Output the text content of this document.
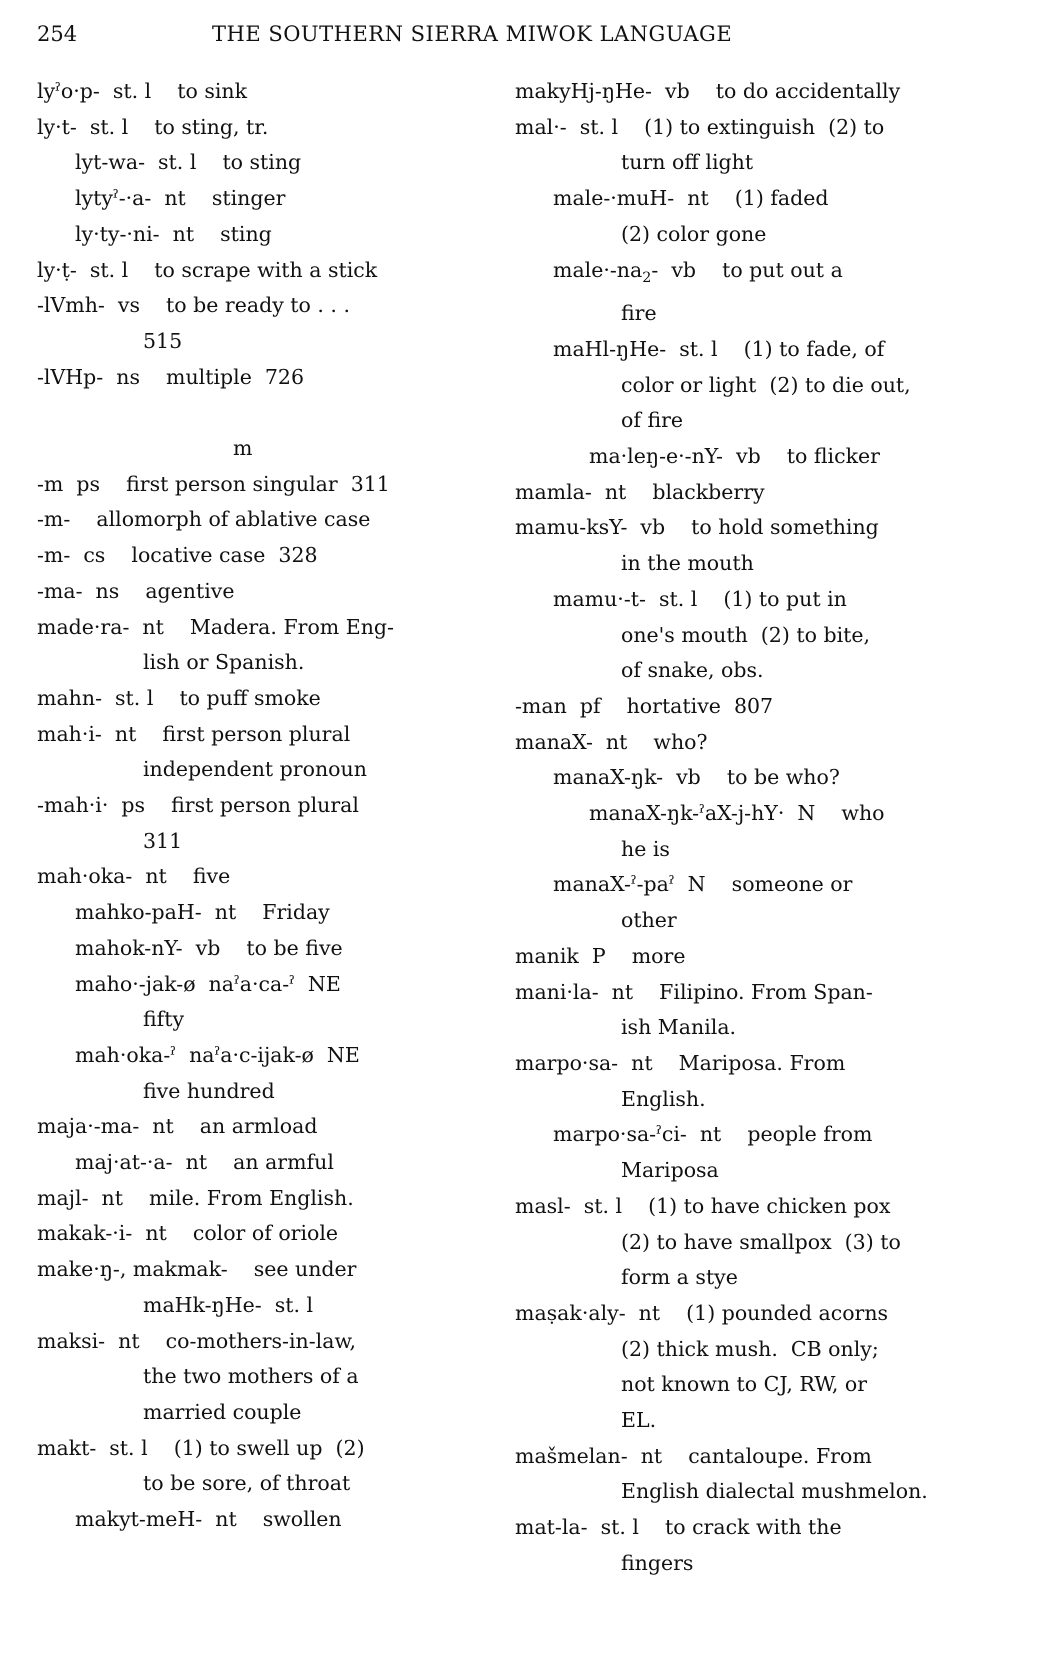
254	THE SOUTHERN SIERRA MIWOK LANGUAGE
lyˀo·p-  st. l    to sink
ly·t-  st. l    to sting, tr.
lyt-wa-  st. l    to sting
lytyˀ-·a-  nt    stinger
ly·ty-·ni-  nt    sting
ly·ṭ-  st. l    to scrape with a stick
-lVmh-  vs    to be ready to . . .
515
-lVHp-  ns    multiple  726
m
-m  ps    first person singular  311
-m-    allomorph of ablative case
-m-  cs    locative case  328
-ma-  ns    agentive
made·ra-  nt    Madera. From Eng-
lish or Spanish.
mahn-  st. l    to puff smoke
mah·i-  nt    first person plural
independent pronoun
-mah·i·  ps    first person plural
311
mah·oka-  nt    five
mahko-paH-  nt    Friday
mahok-nY-  vb    to be five
maho·-jak-ø  naˀa·ca-ˀ  NE
fifty
mah·oka-ˀ  naˀa·c-ijak-ø  NE
five hundred
maja·-ma-  nt    an armload
maj·at-·a-  nt    an armful
majl-  nt    mile. From English.
makak-·i-  nt    color of oriole
make·ŋ-, makmak-    see under
maHk-ŋHe-  st. l
maksi-  nt    co-mothers-in-law,
the two mothers of a
married couple
makt-  st. l    (1) to swell up  (2)
to be sore, of throat
makyt-meH-  nt    swollen
makyHj-ŋHe-  vb    to do accidentally
mal·-  st. l    (1) to extinguish  (2) to
turn off light
male-·muH-  nt    (1) faded
(2) color gone
$male\cdot-na_2-$  vb    to put out a
fire
maHl-ŋHe-  st. l    (1) to fade, of
color or light  (2) to die out,
of fire
ma·leŋ-e·-nY-  vb    to flicker
mamla-  nt    blackberry
mamu-ksY-  vb    to hold something
in the mouth
mamu·-t-  st. l    (1) to put in
one's mouth  (2) to bite,
of snake, obs.
-man  pf    hortative  807
manaX-  nt    who?
manaX-ŋk-  vb    to be who?
manaX-ŋk-ˀaX-j-hY·  N    who
he is
manaX-ˀ-paˀ  N    someone or
other
manik  P    more
mani·la-  nt    Filipino. From Span-
ish Manila.
marpo·sa-  nt    Mariposa. From
English.
marpo·sa-ˀci-  nt    people from
Mariposa
masl-  st. l    (1) to have chicken pox
(2) to have smallpox  (3) to
form a stye
maṣak·aly-  nt    (1) pounded acorns
(2) thick mush.  CB only;
not known to CJ, RW, or
EL.
mašmelan-  nt    cantaloupe. From
English dialectal mushmelon.
mat-la-  st. l    to crack with the
fingers
